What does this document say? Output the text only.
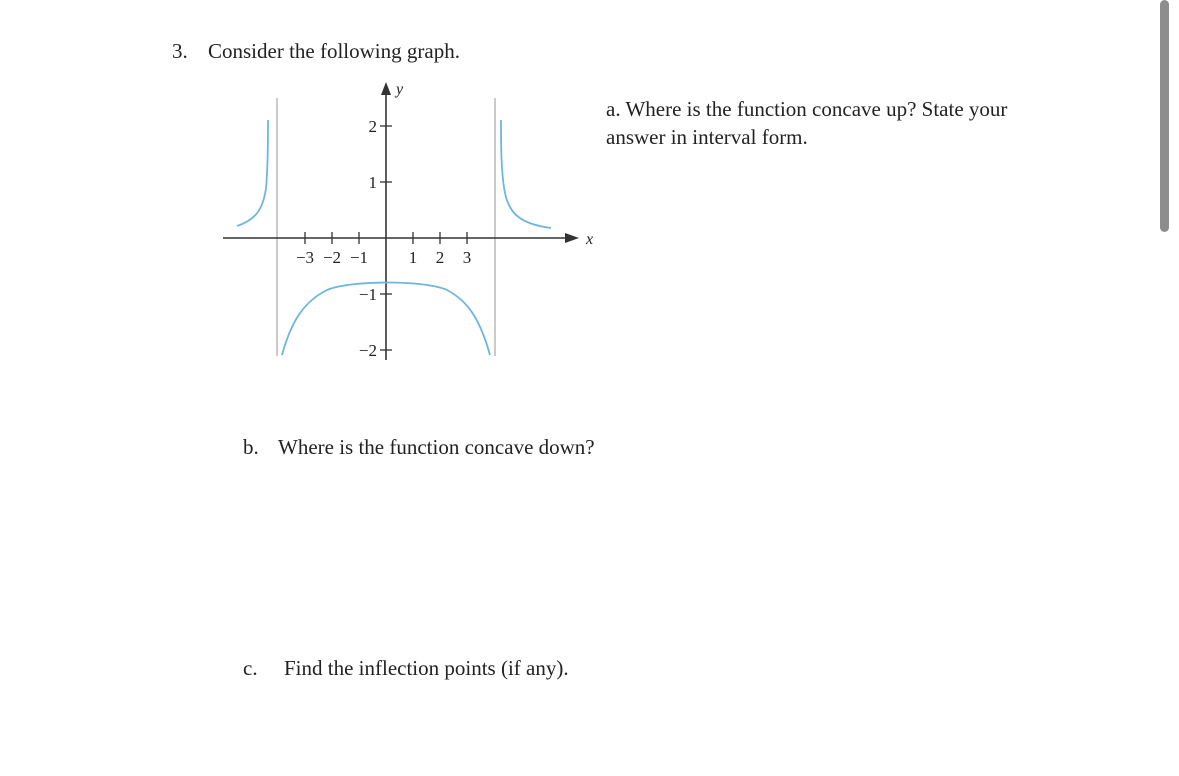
3. Consider the following graph.
x
y
−3 −2 −1 1 2 3
2
1
−1
−2
a. Where is the function concave up? State your answer in interval form.
b. Where is the function concave down?
c. Find the inflection points (if any).
